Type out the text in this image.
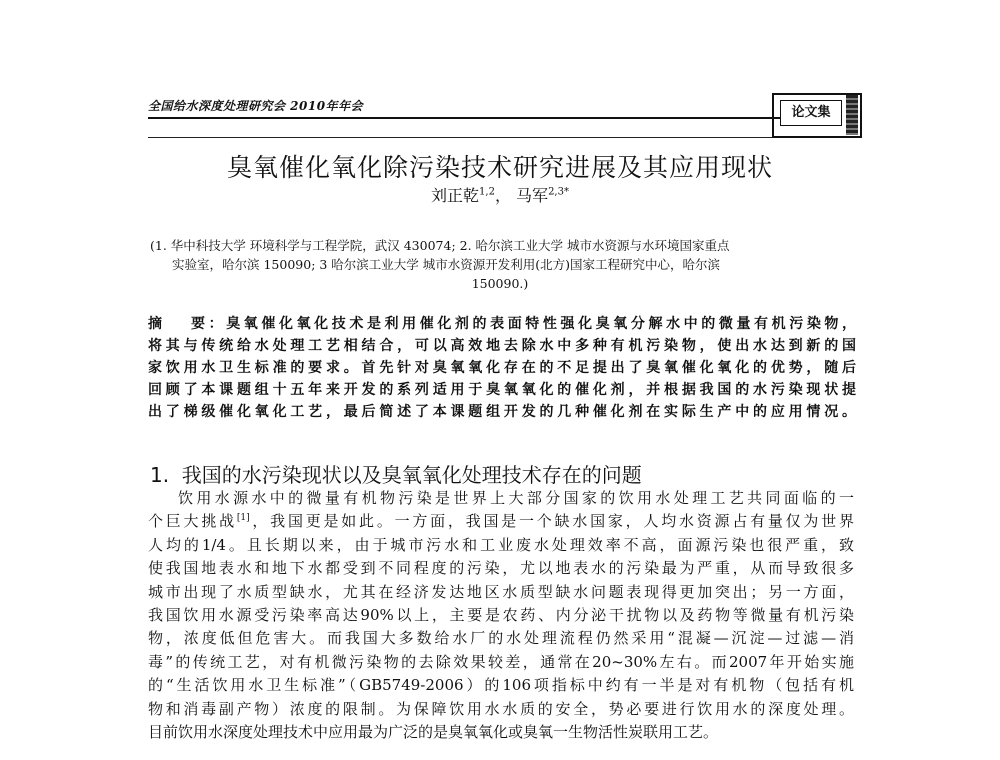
全国给水深度处理研究会 2010年年会	论文集
臭氧催化氧化除污染技术研究进展及其应用现状
刘正乾$^{1,2}$， 马军$^{2,3*}$
(1. 华中科技大学 环境科学与工程学院，武汉 430074; 2. 哈尔滨工业大学 城市水资源与水环境国家重点
实验室，哈尔滨 150090; 3 哈尔滨工业大学 城市水资源开发利用(北方)国家工程研究中心，哈尔滨
150090.)
摘   要：臭氧催化氧化技术是利用催化剂的表面特性强化臭氧分解水中的微量有机污染物，
将其与传统给水处理工艺相结合，可以高效地去除水中多种有机污染物，使出水达到新的国
家饮用水卫生标准的要求。首先针对臭氧氧化存在的不足提出了臭氧催化氧化的优势，随后
回顾了本课题组十五年来开发的系列适用于臭氧氧化的催化剂，并根据我国的水污染现状提
出了梯级催化氧化工艺，最后简述了本课题组开发的几种催化剂在实际生产中的应用情况。
1.  我国的水污染现状以及臭氧氧化处理技术存在的问题
饮用水源水中的微量有机物污染是世界上大部分国家的饮用水处理工艺共同面临的一
个巨大挑战[1]，我国更是如此。一方面，我国是一个缺水国家，人均水资源占有量仅为世界
人均的1/4。且长期以来，由于城市污水和工业废水处理效率不高，面源污染也很严重，致
使我国地表水和地下水都受到不同程度的污染，尤以地表水的污染最为严重，从而导致很多
城市出现了水质型缺水，尤其在经济发达地区水质型缺水问题表现得更加突出；另一方面，
我国饮用水源受污染率高达90%以上，主要是农药、内分泌干扰物以及药物等微量有机污染
物，浓度低但危害大。而我国大多数给水厂的水处理流程仍然采用“混凝—沉淀—过滤—消
毒”的传统工艺，对有机微污染物的去除效果较差，通常在20~30%左右。而2007年开始实施
的“生活饮用水卫生标准”（GB5749-2006）的106项指标中约有一半是对有机物（包括有机
物和消毒副产物）浓度的限制。为保障饮用水水质的安全，势必要进行饮用水的深度处理。
目前饮用水深度处理技术中应用最为广泛的是臭氧氧化或臭氧一生物活性炭联用工艺。
